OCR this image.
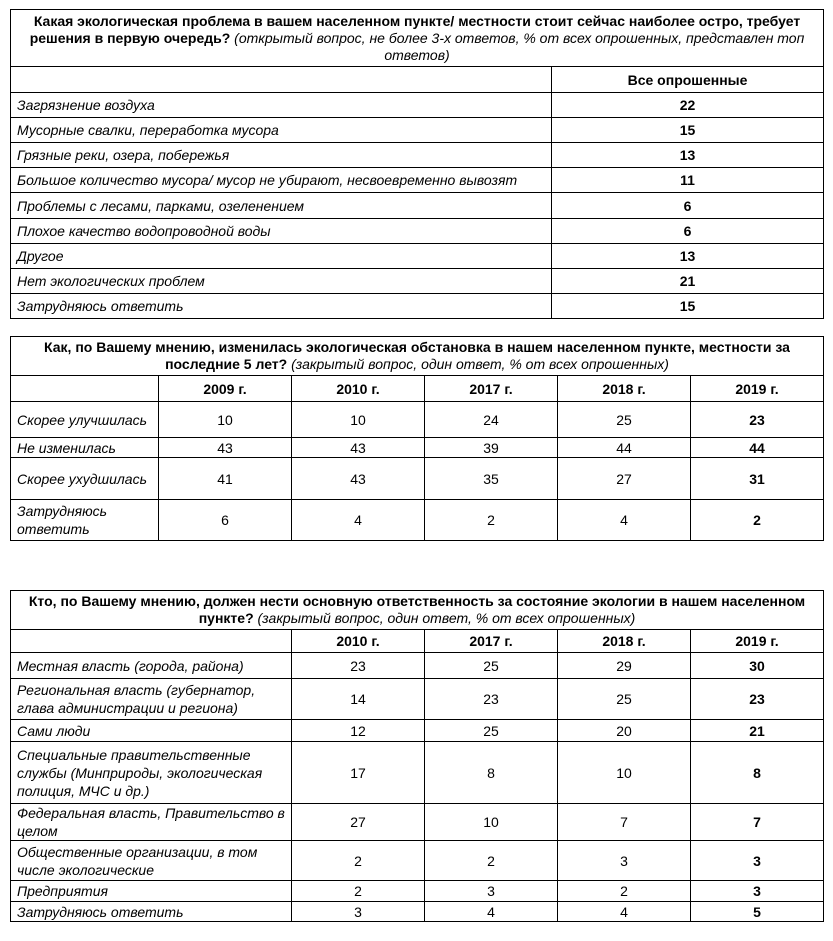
Какая экологическая проблема в вашем населенном пункте/ местности стоит сейчас наиболее остро, требует решения в первую очередь? (открытый вопрос, не более 3-х ответов, % от всех опрошенных, представлен топ ответов)	
	Все опрошенные
Загрязнение воздуха	22
Мусорные свалки, переработка мусора	15
Грязные реки, озера, побережья	13
Большое количество мусора/ мусор не убирают, несвоевременно вывозят	11
Проблемы с лесами, парками, озеленением	6
Плохое качество водопроводной воды	6
Другое	13
Нет экологических проблем	21
Затрудняюсь ответить	15
Как, по Вашему мнению, изменилась экологическая обстановка в нашем населенном пункте, местности за последние 5 лет? (закрытый вопрос, один ответ, % от всех опрошенных)					
	2009 г.	2010 г.	2017 г.	2018 г.	2019 г.
Скорее улучшилась	10	10	24	25	23
Не изменилась	43	43	39	44	44
Скорее ухудшилась	41	43	35	27	31
Затрудняюсь ответить	6	4	2	4	2
Кто, по Вашему мнению, должен нести основную ответственность за состояние экологии в нашем населенном пункте? (закрытый вопрос, один ответ, % от всех опрошенных)				
	2010 г.	2017 г.	2018 г.	2019 г.
Местная власть (города, района)	23	25	29	30
Региональная власть (губернатор, глава администрации и региона)	14	23	25	23
Сами люди	12	25	20	21
Специальные правительственные службы (Минприроды, экологическая полиция, МЧС и др.)	17	8	10	8
Федеральная власть, Правительство в целом	27	10	7	7
Общественные организации, в том числе экологические	2	2	3	3
Предприятия	2	3	2	3
Затрудняюсь ответить	3	4	4	5
